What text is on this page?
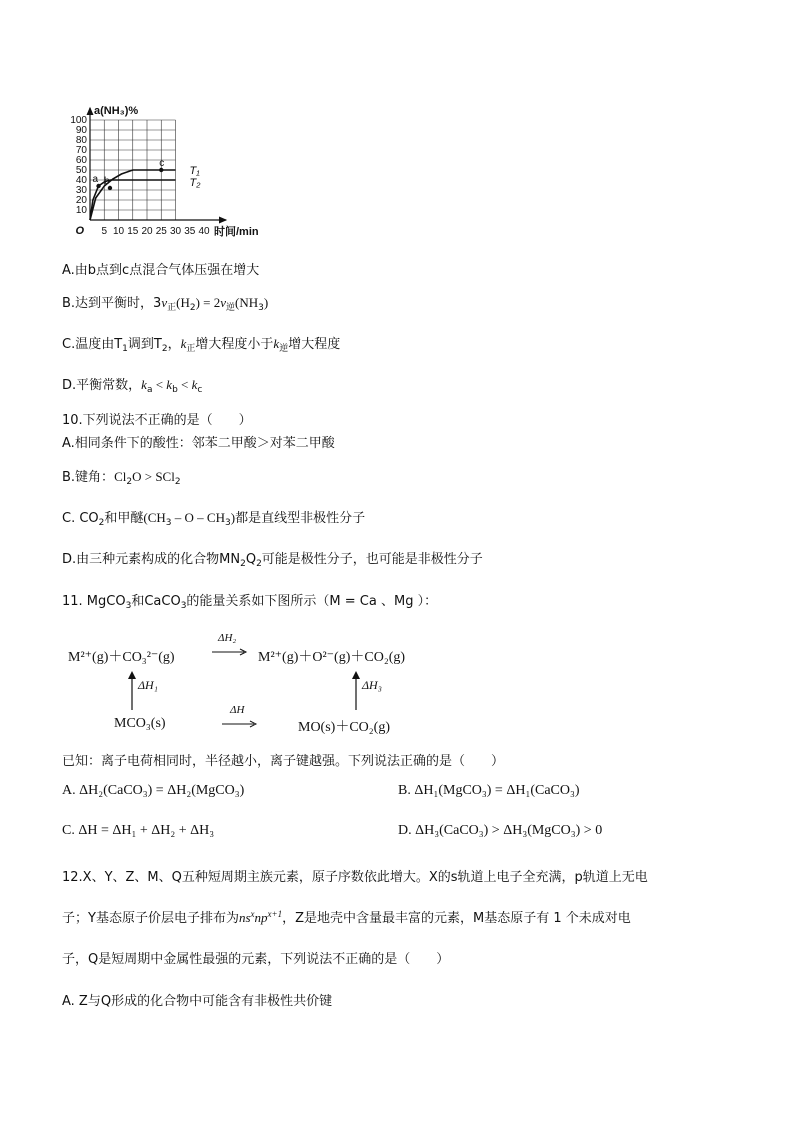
10
20
30
40
50
60
70
80
90
100
5 10 15 20 25 30 35 40
a(NH₃)%
时间/min
O
T₁
T₂
a b
c
A.由b点到c点混合气体压强在增大
B.达到平衡时，$3v_正(H_2) = 2v_逆(NH_3)$
C.温度由$T_1$调到$T_2$，$k_正$增大程度小于$k_逆$增大程度
D.平衡常数，$k_a < k_b < k_c$
10.下列说法不正确的是（　　）
A.相同条件下的酸性：邻苯二甲酸＞对苯二甲酸
B.键角：$Cl_2O > SCl_2$
C. $CO_2$和甲醚($CH_3$ – O – $CH_3$)都是直线型非极性分子
D.由三种元素构成的化合物$MN_2Q_2$可能是极性分子，也可能是非极性分子
11. MgCO$_3$和CaCO$_3$的能量关系如下图所示（M = Ca 、Mg ）：
M²⁺(g)＋CO₃²⁻(g)	M²⁺(g)＋O²⁻(g)＋CO₂(g)
MCO₃(s)	MO(s)＋CO₂(g)
ΔH₂
ΔH
ΔH₁	ΔH₃
已知：离子电荷相同时，半径越小，离子键越强。下列说法正确的是（　　）
A. ΔH₂(CaCO₃) = ΔH₂(MgCO₃)	B. ΔH₁(MgCO₃) = ΔH₁(CaCO₃)
C. ΔH = ΔH₁ + ΔH₂ + ΔH₃	D. ΔH₃(CaCO₃) > ΔH₃(MgCO₃) > 0
12.X、Y、Z、M、Q五种短周期主族元素，原子序数依此增大。X的s轨道上电子全充满，p轨道上无电
子；Y基态原子价层电子排布为$ns^xnp^{x+1}$，Z是地壳中含量最丰富的元素，M基态原子有 1 个未成对电
子，Q是短周期中金属性最强的元素，下列说法不正确的是（　　）
A. Z与Q形成的化合物中可能含有非极性共价键
